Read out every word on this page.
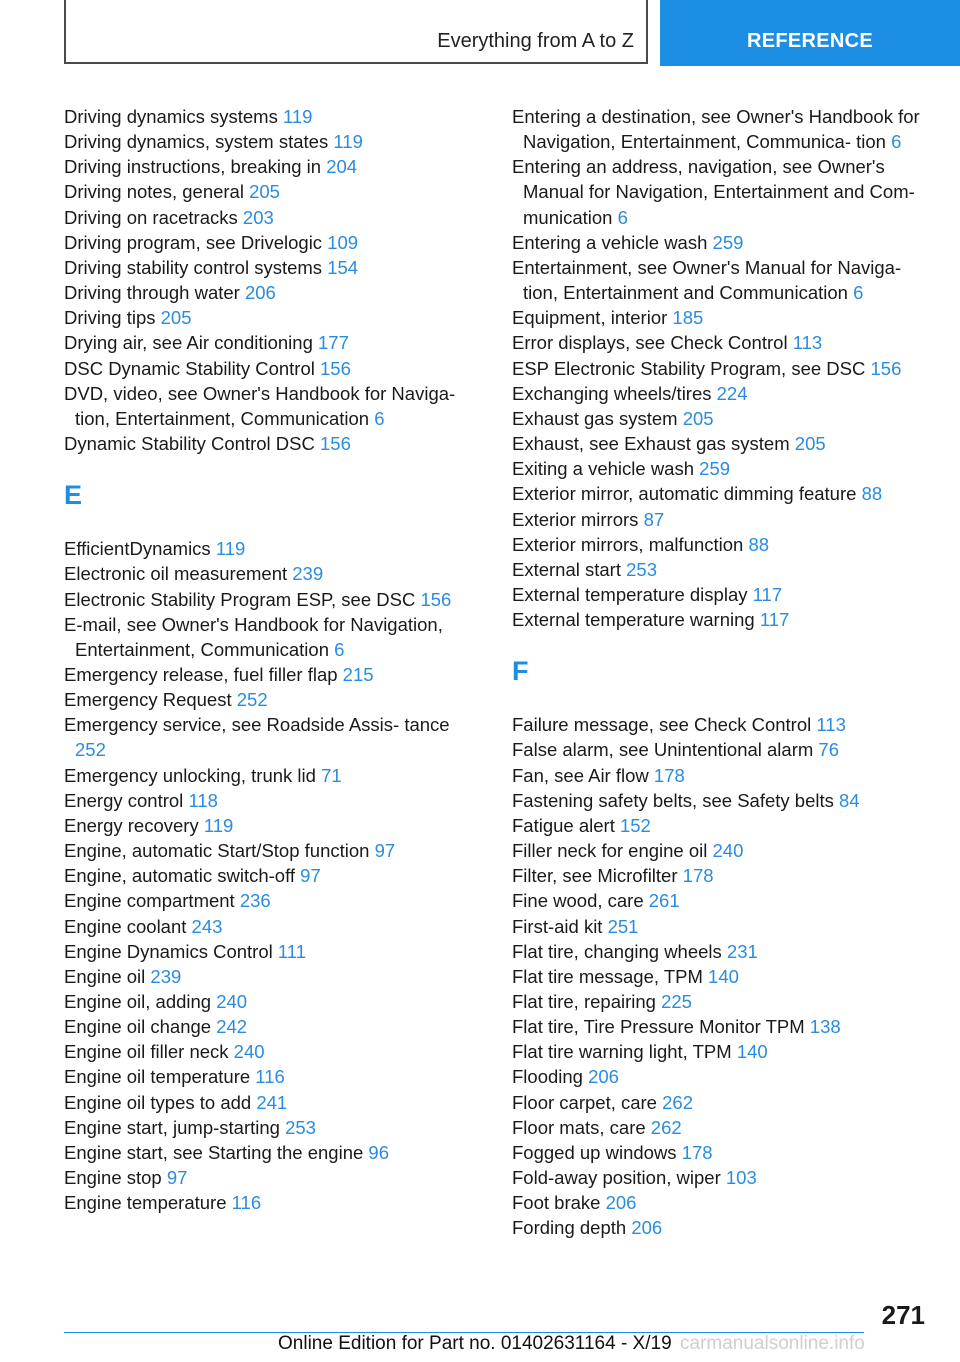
Everything from A to Z	REFERENCE

Driving dynamics systems 119

Driving dynamics, system states 119

Driving instructions, breaking in 204

Driving notes, general 205

Driving on racetracks 203

Driving program, see Drivelogic 109

Driving stability control systems 154

Driving through water 206

Driving tips 205

Drying air, see Air conditioning 177

DSC Dynamic Stability Control 156

DVD, video, see Owner's Handbook for Naviga‐ tion, Entertainment, Communication 6

Dynamic Stability Control DSC 156

E

EfficientDynamics 119

Electronic oil measurement 239

Electronic Stability Program ESP, see DSC 156

E-mail, see Owner's Handbook for Navigation, Entertainment, Communication 6

Emergency release, fuel filler flap 215

Emergency Request 252

Emergency service, see Roadside Assis‐ tance 252

Emergency unlocking, trunk lid 71

Energy control 118

Energy recovery 119

Engine, automatic Start/Stop function 97

Engine, automatic switch-off 97

Engine compartment 236

Engine coolant 243

Engine Dynamics Control 111

Engine oil 239

Engine oil, adding 240

Engine oil change 242

Engine oil filler neck 240

Engine oil temperature 116

Engine oil types to add 241

Engine start, jump-starting 253

Engine start, see Starting the engine 96

Engine stop 97

Engine temperature 116

Entering a destination, see Owner's Handbook for Navigation, Entertainment, Communica‐ tion 6

Entering an address, navigation, see Owner's Manual for Navigation, Entertainment and Com‐ munication 6

Entering a vehicle wash 259

Entertainment, see Owner's Manual for Naviga‐ tion, Entertainment and Communication 6

Equipment, interior 185

Error displays, see Check Control 113

ESP Electronic Stability Program, see DSC 156

Exchanging wheels/tires 224

Exhaust gas system 205

Exhaust, see Exhaust gas system 205

Exiting a vehicle wash 259

Exterior mirror, automatic dimming feature 88

Exterior mirrors 87

Exterior mirrors, malfunction 88

External start 253

External temperature display 117

External temperature warning 117

F

Failure message, see Check Control 113

False alarm, see Unintentional alarm 76

Fan, see Air flow 178

Fastening safety belts, see Safety belts 84

Fatigue alert 152

Filler neck for engine oil 240

Filter, see Microfilter 178

Fine wood, care 261

First-aid kit 251

Flat tire, changing wheels 231

Flat tire message, TPM 140

Flat tire, repairing 225

Flat tire, Tire Pressure Monitor TPM 138

Flat tire warning light, TPM 140

Flooding 206

Floor carpet, care 262

Floor mats, care 262

Fogged up windows 178

Fold-away position, wiper 103

Foot brake 206

Fording depth 206

271
Online Edition for Part no. 01402631164 - X/19 carmanualsonline.info
